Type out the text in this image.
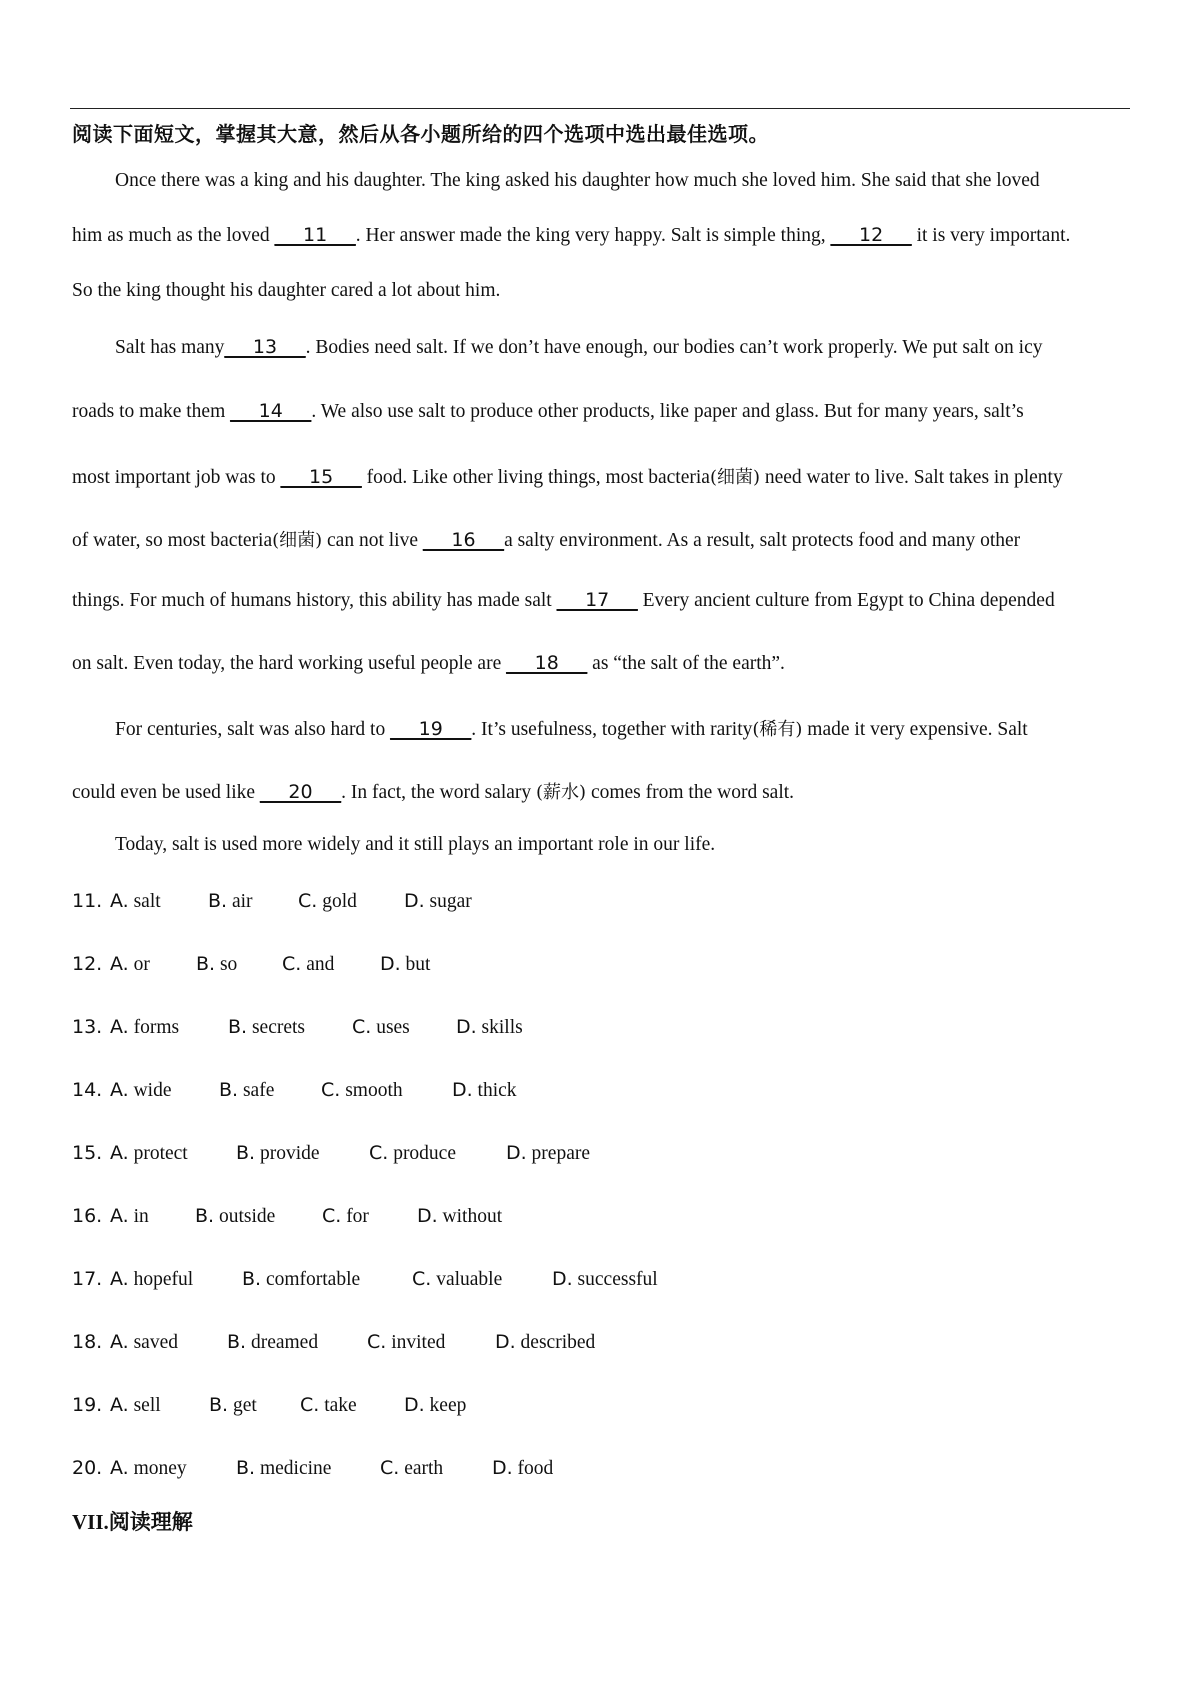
阅读下面短文，掌握其大意，然后从各小题所给的四个选项中选出最佳选项。
Once there was a king and his daughter. The king asked his daughter how much she loved him. She said that she loved
him as much as the loved ___11___. Her answer made the king very happy. Salt is simple thing, ___12___ it is very important.
So the king thought his daughter cared a lot about him.
Salt has many___13___. Bodies need salt. If we don’t have enough, our bodies can’t work properly. We put salt on icy
roads to make them ___14___. We also use salt to produce other products, like paper and glass. But for many years, salt’s
most important job was to ___15___ food. Like other living things, most bacteria(细菌) need water to live. Salt takes in plenty
of water, so most bacteria(细菌) can not live ___16___a salty environment. As a result, salt protects food and many other
things. For much of humans history, this ability has made salt ___17___ Every ancient culture from Egypt to China depended
on salt. Even today, the hard working useful people are ___18___ as “the salt of the earth”.
For centuries, salt was also hard to ___19___. It’s usefulness, together with rarity(稀有) made it very expensive. Salt
could even be used like ___20___. In fact, the word salary (薪水) comes from the word salt.
Today, salt is used more widely and it still plays an important role in our life.
11. A. salt B. air C. gold D. sugar
12. A. or B. so C. and D. but
13. A. forms	B. secrets C. uses D. skills
14. A. wide	B. safe C. smooth	D. thick
15. A. protect	B. provide	C. produce	D. prepare
16. A. in B. outside C. for	D. without
17. A. hopeful	B. comfortable	C. valuable	D. successful
18. A. saved	B. dreamed	C. invited	D. described
19. A. sell	B. get C. take D. keep
20. A. money	B. medicine	C. earth	D. food
VII.阅读理解
